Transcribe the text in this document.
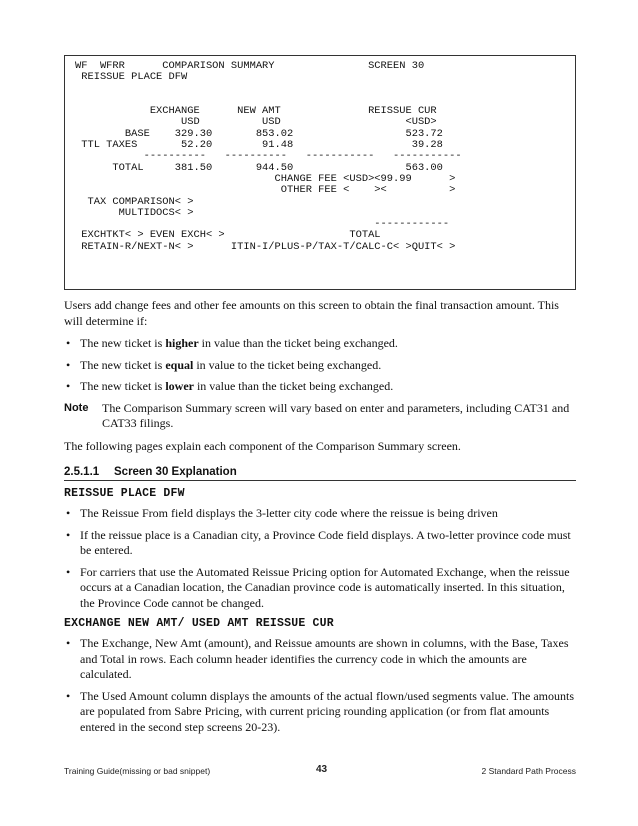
WF  WFRR      COMPARISON SUMMARY               SCREEN 30
REISSUE PLACE DFW

EXCHANGE      NEW AMT              REISSUE CUR
USD          USD                    <USD>
BASE    329.30       853.02                  523.72
TTL TAXES       52.20        91.48                   39.28
----------   ----------   -----------   -----------
TOTAL     381.50       944.50                  563.00
CHANGE FEE <USD><99.99      >
OTHER FEE <    ><          >
TAX COMPARISON< >
MULTIDOCS< >
------------
EXCHTKT< > EVEN EXCH< >                    TOTAL
RETAIN-R/NEXT-N< >      ITIN-I/PLUS-P/TAX-T/CALC-C< >QUIT< >

Users add change fees and other fee amounts on this screen to obtain the final transaction amount. This will determine if:

• The new ticket is higher in value than the ticket being exchanged.
• The new ticket is equal in value to the ticket being exchanged.
• The new ticket is lower in value than the ticket being exchanged.
Note	The Comparison Summary screen will vary based on enter and parameters, including CAT31 and CAT33 filings.

The following pages explain each component of the Comparison Summary screen.

2.5.1.1	Screen 30 Explanation
REISSUE PLACE DFW
• The Reissue From field displays the 3-letter city code where the reissue is being driven
• If the reissue place is a Canadian city, a Province Code field displays. A two-letter province code must be entered.
• For carriers that use the Automated Reissue Pricing option for Automated Exchange, when the reissue occurs at a Canadian location, the Canadian province code is automatically inserted. In this situation, the Province Code cannot be changed.
EXCHANGE NEW AMT/ USED AMT REISSUE CUR
• The Exchange, New Amt (amount), and Reissue amounts are shown in columns, with the Base, Taxes and Total in rows. Each column header identifies the currency code in which the amounts are calculated.
• The Used Amount column displays the amounts of the actual flown/used segments value. The amounts are populated from Sabre Pricing, with current pricing rounding application (or from flat amounts entered in the second step screens 20-23).
Training Guide(missing or bad snippet)	43	2 Standard Path Process
